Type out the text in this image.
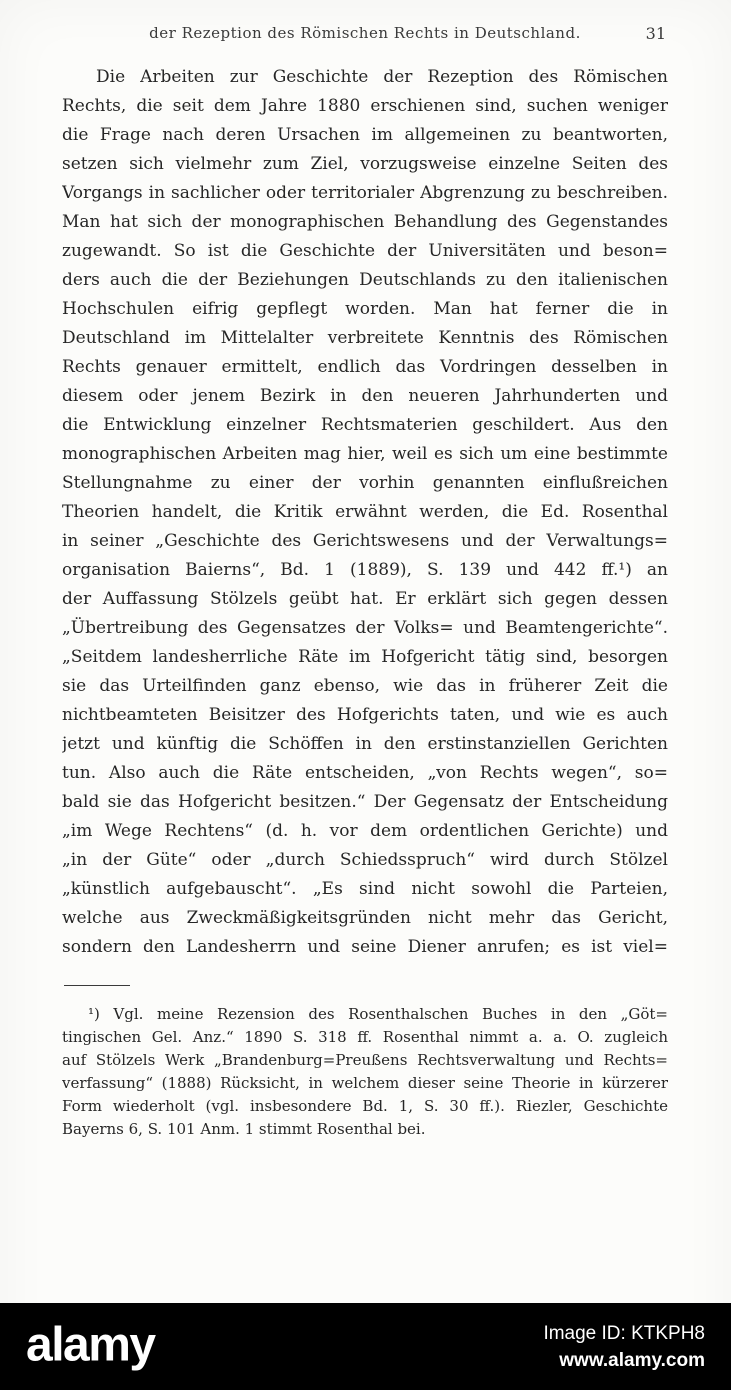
der Rezeption des Römischen Rechts in Deutschland.	31
Die Arbeiten zur Geschichte der Rezeption des Römischen
Rechts, die seit dem Jahre 1880 erschienen sind, suchen weniger
die Frage nach deren Ursachen im allgemeinen zu beantworten,
setzen sich vielmehr zum Ziel, vorzugsweise einzelne Seiten des
Vorgangs in sachlicher oder territorialer Abgrenzung zu beschreiben.
Man hat sich der monographischen Behandlung des Gegenstandes
zugewandt. So ist die Geschichte der Universitäten und beson=
ders auch die der Beziehungen Deutschlands zu den italienischen
Hochschulen eifrig gepflegt worden. Man hat ferner die in
Deutschland im Mittelalter verbreitete Kenntnis des Römischen
Rechts genauer ermittelt, endlich das Vordringen desselben in
diesem oder jenem Bezirk in den neueren Jahrhunderten und
die Entwicklung einzelner Rechtsmaterien geschildert. Aus den
monographischen Arbeiten mag hier, weil es sich um eine bestimmte
Stellungnahme zu einer der vorhin genannten einflußreichen
Theorien handelt, die Kritik erwähnt werden, die Ed. Rosenthal
in seiner „Geschichte des Gerichtswesens und der Verwaltungs=
organisation Baierns“, Bd. 1 (1889), S. 139 und 442 ff.¹) an
der Auffassung Stölzels geübt hat. Er erklärt sich gegen dessen
„Übertreibung des Gegensatzes der Volks= und Beamtengerichte“.
„Seitdem landesherrliche Räte im Hofgericht tätig sind, besorgen
sie das Urteilfinden ganz ebenso, wie das in früherer Zeit die
nichtbeamteten Beisitzer des Hofgerichts taten, und wie es auch
jetzt und künftig die Schöffen in den erstinstanziellen Gerichten
tun. Also auch die Räte entscheiden, „von Rechts wegen“, so=
bald sie das Hofgericht besitzen.“ Der Gegensatz der Entscheidung
„im Wege Rechtens“ (d. h. vor dem ordentlichen Gerichte) und
„in der Güte“ oder „durch Schiedsspruch“ wird durch Stölzel
„künstlich aufgebauscht“. „Es sind nicht sowohl die Parteien,
welche aus Zweckmäßigkeitsgründen nicht mehr das Gericht,
sondern den Landesherrn und seine Diener anrufen; es ist viel=
¹) Vgl. meine Rezension des Rosenthalschen Buches in den „Göt=
tingischen Gel. Anz.“ 1890 S. 318 ff. Rosenthal nimmt a. a. O. zugleich
auf Stölzels Werk „Brandenburg=Preußens Rechtsverwaltung und Rechts=
verfassung“ (1888) Rücksicht, in welchem dieser seine Theorie in kürzerer
Form wiederholt (vgl. insbesondere Bd. 1, S. 30 ff.). Riezler, Geschichte
Bayerns 6, S. 101 Anm. 1 stimmt Rosenthal bei.
alamy	Image ID: KTKPH8
www.alamy.com
